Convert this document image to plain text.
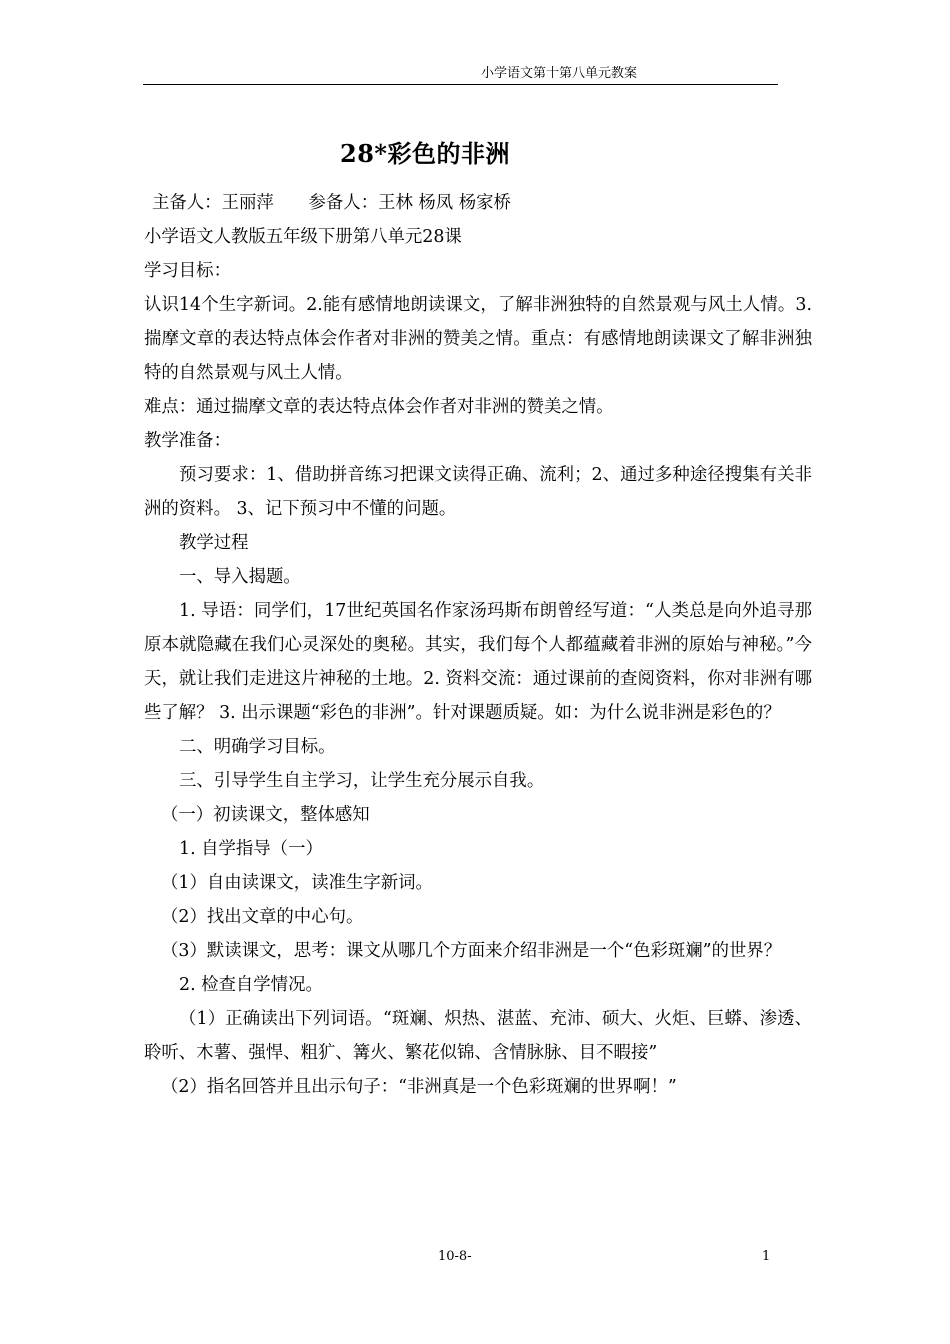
小学语文第十第八单元教案
28*彩色的非洲

主备人：王丽萍　　参备人：王林 杨凤 杨家桥

小学语文人教版五年级下册第八单元28课

学习目标：

认识14个生字新词。2.能有感情地朗读课文，了解非洲独特的自然景观与风土人情。3.揣摩文章的表达特点体会作者对非洲的赞美之情。重点：有感情地朗读课文了解非洲独特的自然景观与风土人情。

难点：通过揣摩文章的表达特点体会作者对非洲的赞美之情。

教学准备：

预习要求：1、借助拼音练习把课文读得正确、流利；2、通过多种途径搜集有关非洲的资料。 3、记下预习中不懂的问题。

教学过程

一、导入揭题。

1. 导语：同学们，17世纪英国名作家汤玛斯布朗曾经写道：“人类总是向外追寻那原本就隐藏在我们心灵深处的奥秘。其实，我们每个人都蕴藏着非洲的原始与神秘。”今天，就让我们走进这片神秘的土地。2. 资料交流：通过课前的查阅资料，你对非洲有哪些了解？ 3. 出示课题“彩色的非洲”。针对课题质疑。如：为什么说非洲是彩色的？

二、明确学习目标。

三、引导学生自主学习，让学生充分展示自我。

（一）初读课文，整体感知

1. 自学指导（一）

（1）自由读课文，读准生字新词。

（2）找出文章的中心句。

（3）默读课文，思考：课文从哪几个方面来介绍非洲是一个“色彩斑斓”的世界？

2. 检查自学情况。

（1）正确读出下列词语。“斑斓、炽热、湛蓝、充沛、硕大、火炬、巨蟒、渗透、聆听、木薯、强悍、粗犷、篝火、繁花似锦、含情脉脉、目不暇接”

（2）指名回答并且出示句子：“非洲真是一个色彩斑斓的世界啊！”

10-8-	1
